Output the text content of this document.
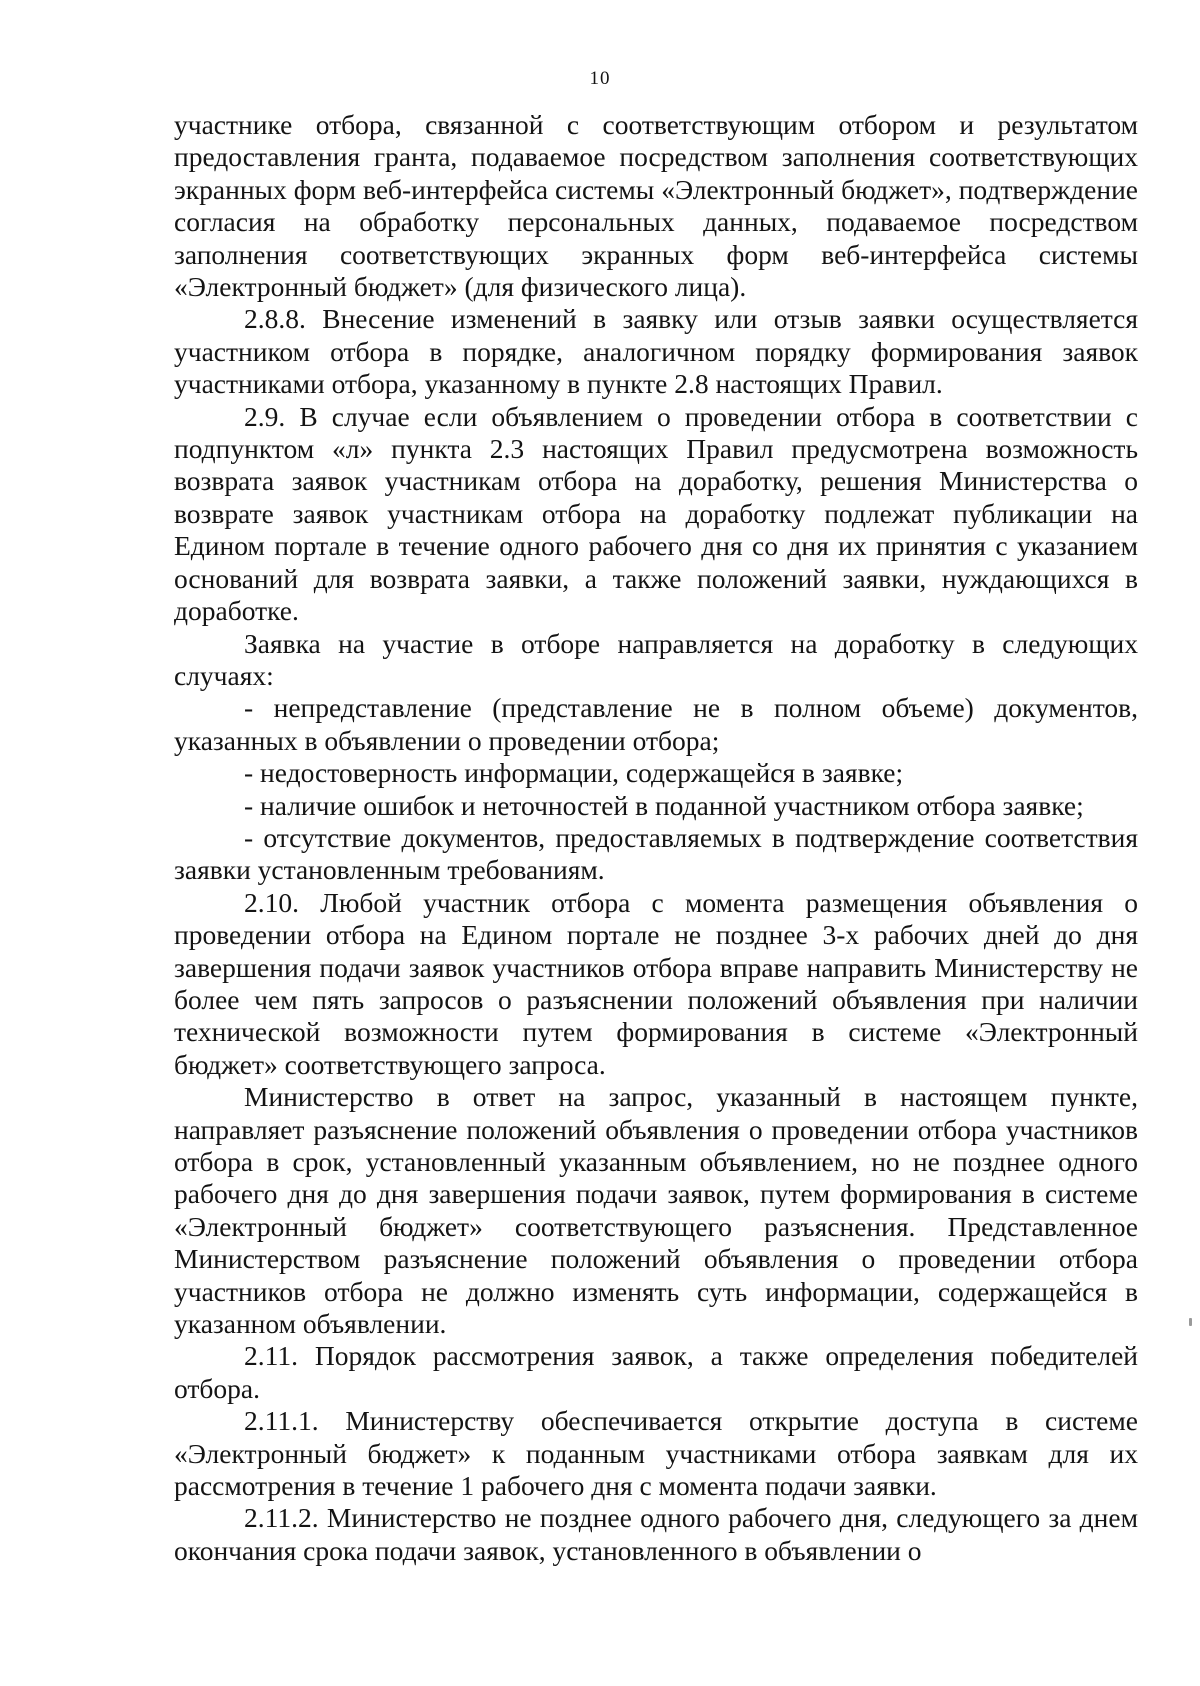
10

участнике отбора, связанной с соответствующим отбором и результатом предоставления гранта, подаваемое посредством заполнения соответствующих экранных форм веб-интерфейса системы «Электронный бюджет», подтверждение согласия на обработку персональных данных, подаваемое посредством заполнения соответствующих экранных форм веб-интерфейса системы «Электронный бюджет» (для физического лица).

2.8.8. Внесение изменений в заявку или отзыв заявки осуществляется участником отбора в порядке, аналогичном порядку формирования заявок участниками отбора, указанному в пункте 2.8 настоящих Правил.

2.9. В случае если объявлением о проведении отбора в соответствии с подпунктом «л» пункта 2.3 настоящих Правил предусмотрена возможность возврата заявок участникам отбора на доработку, решения Министерства о возврате заявок участникам отбора на доработку подлежат публикации на Едином портале в течение одного рабочего дня со дня их принятия с указанием оснований для возврата заявки, а также положений заявки, нуждающихся в доработке.

Заявка на участие в отборе направляется на доработку в следующих случаях:

- непредставление (представление не в полном объеме) документов, указанных в объявлении о проведении отбора;

- недостоверность информации, содержащейся в заявке;

- наличие ошибок и неточностей в поданной участником отбора заявке;

- отсутствие документов, предоставляемых в подтверждение соответствия заявки установленным требованиям.

2.10. Любой участник отбора с момента размещения объявления о проведении отбора на Едином портале не позднее 3-х рабочих дней до дня завершения подачи заявок участников отбора вправе направить Министерству не более чем пять запросов о разъяснении положений объявления при наличии технической возможности путем формирования в системе «Электронный бюджет» соответствующего запроса.

Министерство в ответ на запрос, указанный в настоящем пункте, направляет разъяснение положений объявления о проведении отбора участников отбора в срок, установленный указанным объявлением, но не позднее одного рабочего дня до дня завершения подачи заявок, путем формирования в системе «Электронный бюджет» соответствующего разъяснения. Представленное Министерством разъяснение положений объявления о проведении отбора участников отбора не должно изменять суть информации, содержащейся в указанном объявлении.

2.11. Порядок рассмотрения заявок, а также определения победителей отбора.

2.11.1. Министерству обеспечивается открытие доступа в системе «Электронный бюджет» к поданным участниками отбора заявкам для их рассмотрения в течение 1 рабочего дня с момента подачи заявки.

2.11.2. Министерство не позднее одного рабочего дня, следующего за днем окончания срока подачи заявок, установленного в объявлении о
